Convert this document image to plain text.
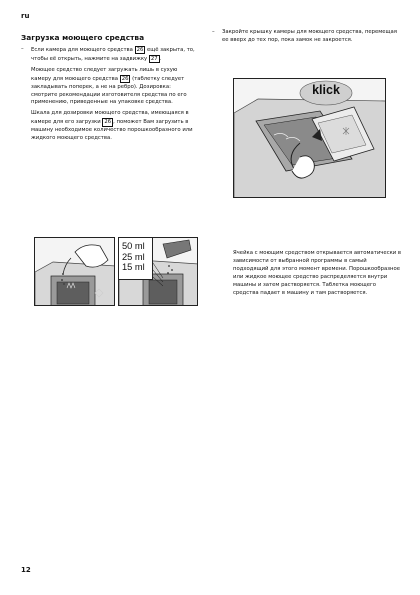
ru
Загрузка моющего средства
– Если камера для моющего средства 26 ещё закрыта, то, чтобы её открыть, нажмите на задвижку 27 .

Моющее средство следует загружать лишь в сухую камеру для моющего средства 26 (таблетку следует закладывать поперек, а не на ребро). Дозировка: смотрите рекомендации изготовителя средства по его применению, приведенные на упаковке средства.

Шкала для дозировки моющего средства, имеющаяся в камере для его загрузки 26 , поможет Вам загрузить в машину необходимое количество порошкообразного или жидкого моющего средства.

50 ml
25 ml
15 ml
– Закройте крышку камеры для моющего средства, перемещая ее вверх до тех пор, пока замок не закроется.

klick

Ячейка с моющим средством открывается автоматически в зависимости от выбранной программы в самый подходящий для этого момент времени. Порошкообразное или жидкое моющее средство распределяется внутри машины и затем растворяется. Таблетка моющего средства падает в машину и там растворяется.

12
